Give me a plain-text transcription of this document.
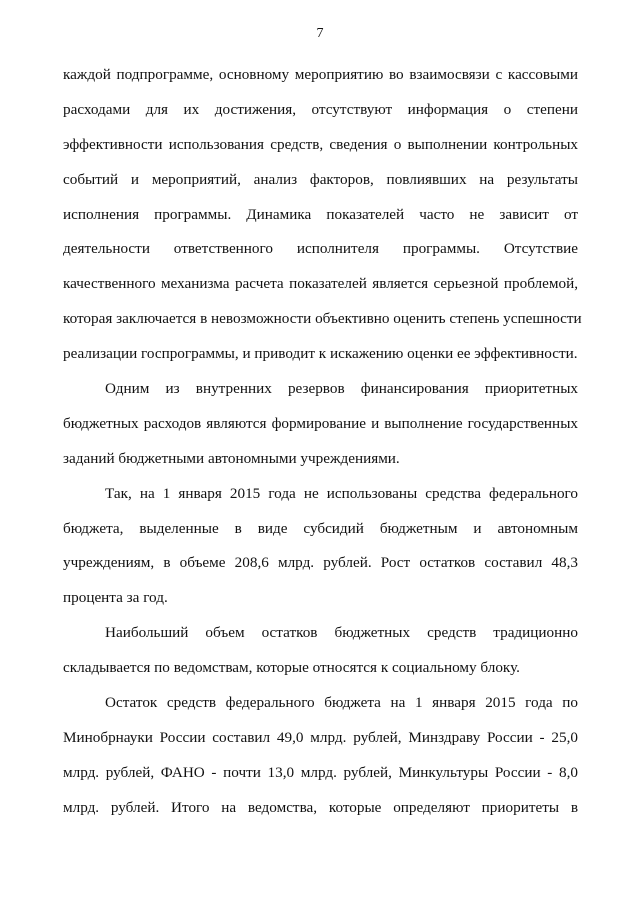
7
каждой подпрограмме, основному мероприятию во взаимосвязи с кассовыми
расходами для их достижения, отсутствуют информация о степени
эффективности использования средств, сведения о выполнении контрольных
событий и мероприятий, анализ факторов, повлиявших на результаты
исполнения программы. Динамика показателей часто не зависит от
деятельности ответственного исполнителя программы. Отсутствие
качественного механизма расчета показателей является серьезной проблемой,
которая заключается в невозможности объективно оценить степень успешности
реализации госпрограммы, и приводит к искажению оценки ее эффективности.
Одним из внутренних резервов финансирования приоритетных
бюджетных расходов являются формирование и выполнение государственных
заданий бюджетными автономными учреждениями.
Так, на 1 января 2015 года не использованы средства федерального
бюджета, выделенные в виде субсидий бюджетным и автономным
учреждениям, в объеме 208,6 млрд. рублей. Рост остатков составил 48,3
процента за год.
Наибольший объем остатков бюджетных средств традиционно
складывается по ведомствам, которые относятся к социальному блоку.
Остаток средств федерального бюджета на 1 января 2015 года по
Минобрнауки России составил 49,0 млрд. рублей, Минздраву России - 25,0
млрд. рублей, ФАНО - почти 13,0 млрд. рублей, Минкультуры России - 8,0
млрд. рублей. Итого на ведомства, которые определяют приоритеты в
